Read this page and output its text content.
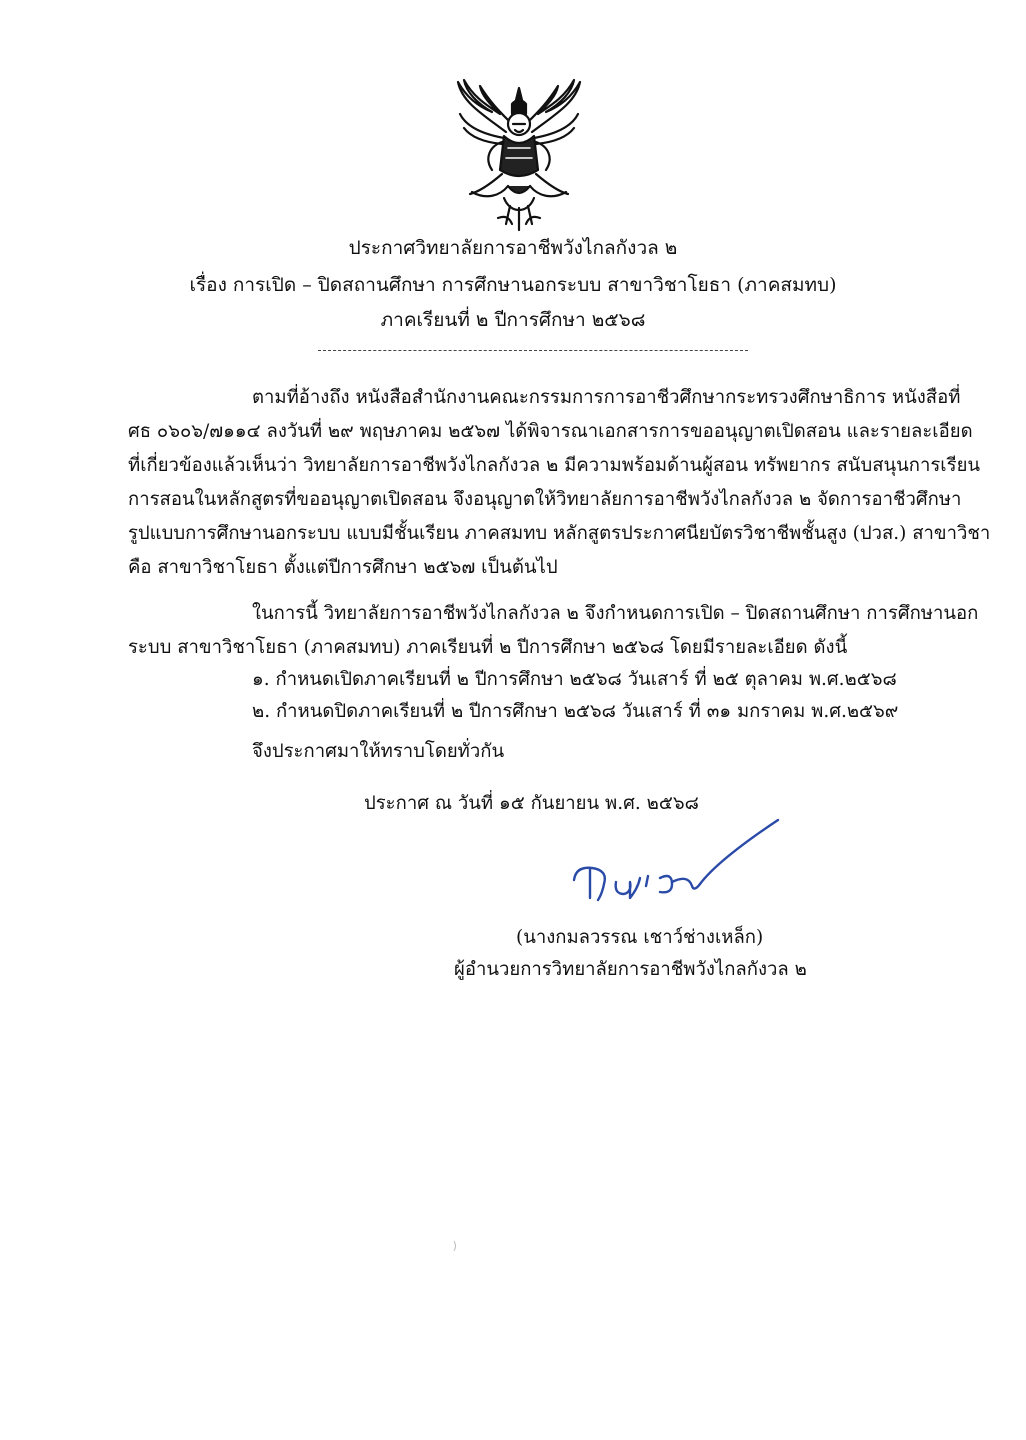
ประกาศวิทยาลัยการอาชีพวังไกลกังวล ๒
เรื่อง การเปิด – ปิดสถานศึกษา การศึกษานอกระบบ สาขาวิชาโยธา (ภาคสมทบ)
ภาคเรียนที่ ๒ ปีการศึกษา ๒๕๖๘
ตามที่อ้างถึง หนังสือสำนักงานคณะกรรมการการอาชีวศึกษากระทรวงศึกษาธิการ หนังสือที่
ศธ ๐๖๐๖/๗๑๑๔ ลงวันที่ ๒๙ พฤษภาคม ๒๕๖๗ ได้พิจารณาเอกสารการขออนุญาตเปิดสอน และรายละเอียด
ที่เกี่ยวข้องแล้วเห็นว่า วิทยาลัยการอาชีพวังไกลกังวล ๒ มีความพร้อมด้านผู้สอน ทรัพยากร สนับสนุนการเรียน
การสอนในหลักสูตรที่ขออนุญาตเปิดสอน จึงอนุญาตให้วิทยาลัยการอาชีพวังไกลกังวล ๒ จัดการอาชีวศึกษา
รูปแบบการศึกษานอกระบบ แบบมีชั้นเรียน ภาคสมทบ หลักสูตรประกาศนียบัตรวิชาชีพชั้นสูง (ปวส.) สาขาวิชา
คือ สาขาวิชาโยธา ตั้งแต่ปีการศึกษา ๒๕๖๗ เป็นต้นไป
ในการนี้ วิทยาลัยการอาชีพวังไกลกังวล ๒ จึงกำหนดการเปิด – ปิดสถานศึกษา การศึกษานอก
ระบบ สาขาวิชาโยธา (ภาคสมทบ) ภาคเรียนที่ ๒ ปีการศึกษา ๒๕๖๘ โดยมีรายละเอียด ดังนี้
๑. กำหนดเปิดภาคเรียนที่ ๒ ปีการศึกษา ๒๕๖๘ วันเสาร์ ที่ ๒๕ ตุลาคม พ.ศ.๒๕๖๘
๒. กำหนดปิดภาคเรียนที่ ๒ ปีการศึกษา ๒๕๖๘ วันเสาร์ ที่ ๓๑ มกราคม พ.ศ.๒๕๖๙
จึงประกาศมาให้ทราบโดยทั่วกัน
ประกาศ ณ วันที่ ๑๕ กันยายน พ.ศ. ๒๕๖๘
(นางกมลวรรณ เชาว์ช่างเหล็ก)
ผู้อำนวยการวิทยาลัยการอาชีพวังไกลกังวล ๒
